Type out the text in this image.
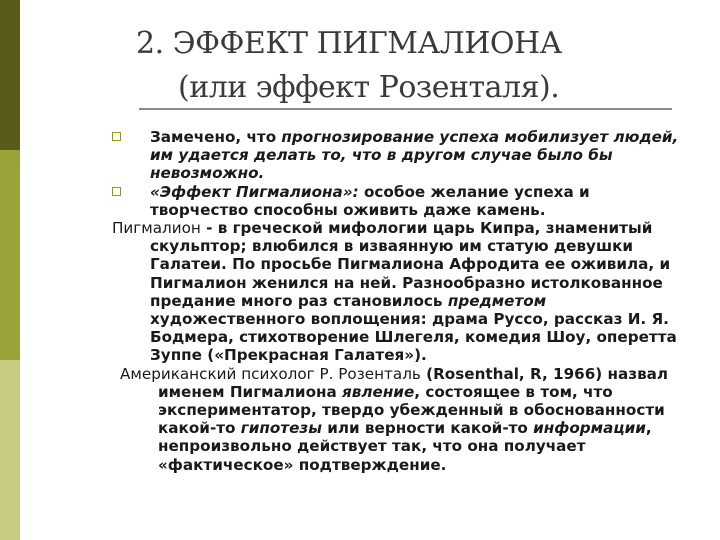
2. ЭФФЕКТ ПИГМАЛИОНА
(или эффект Розенталя).

Замечено, что прогнозирование успеха мобилизует людей, им удается делать то, что в другом случае было бы невозможно.

«Эффект Пигмалиона»: особое желание успеха и творчество способны оживить даже камень.

Пигмалион - в греческой мифологии царь Кипра, знаменитый скульптор; влюбился в изваянную им статую девушки Галатеи. По просьбе Пигмалиона Афродита ее оживила, и Пигмалион женился на ней. Разнообразно истолкованное предание много раз становилось предметом художественного воплощения: драма Руссо, рассказ И. Я. Бодмера, стихотворение Шлегеля, комедия Шоу, оперетта Зуппе («Прекрасная Галатея»).

Американский психолог Р. Розенталь (Rosenthal, R, 1966) назвал именем Пигмалиона явление, состоящее в том, что экспериментатор, твердо убежденный в обоснованности какой-то гипотезы или верности какой-то информации, непроизвольно действует так, что она получает «фактическое» подтверждение.
